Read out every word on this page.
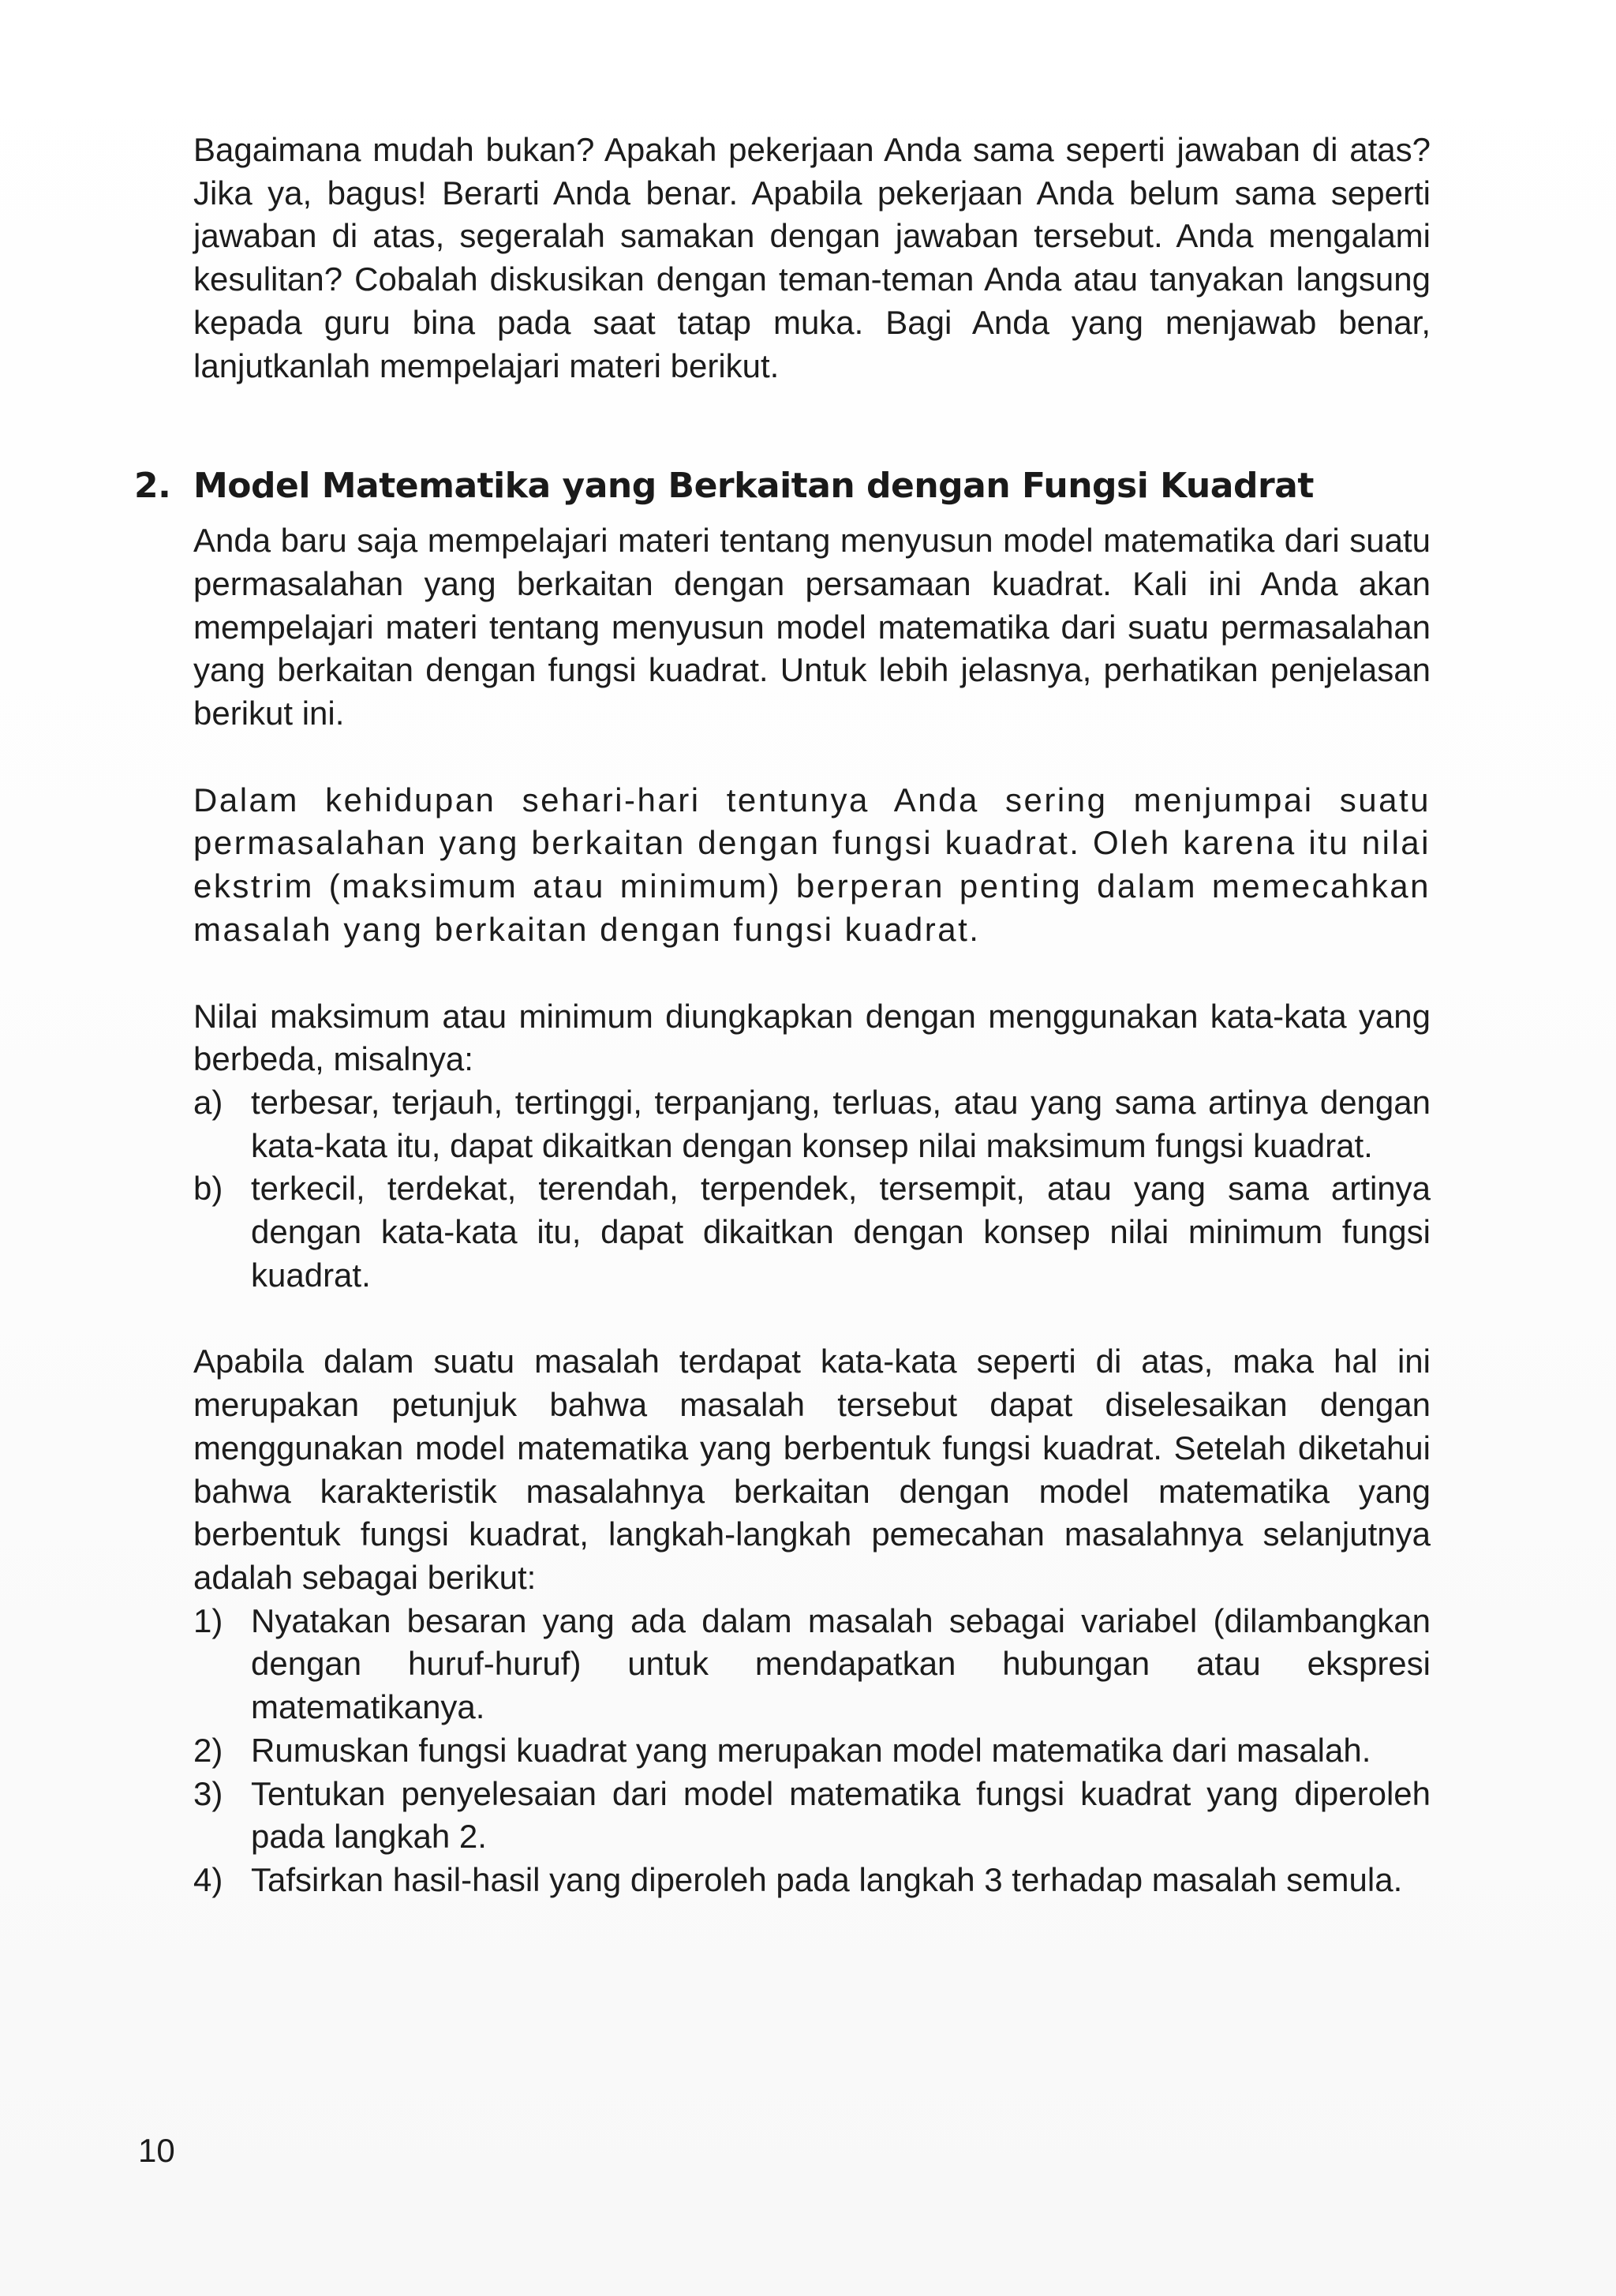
Bagaimana mudah bukan? Apakah pekerjaan Anda sama seperti jawaban di atas? Jika ya, bagus! Berarti Anda benar. Apabila pekerjaan Anda belum sama seperti jawaban di atas, segeralah samakan dengan jawaban tersebut. Anda mengalami kesulitan? Cobalah diskusikan dengan teman-teman Anda atau tanyakan langsung kepada guru bina pada saat tatap muka. Bagi Anda yang menjawab benar, lanjutkanlah mempelajari materi berikut.

2. Model Matematika yang Berkaitan dengan Fungsi Kuadrat

Anda baru saja mempelajari materi tentang menyusun model matematika dari suatu permasalahan yang berkaitan dengan persamaan kuadrat. Kali ini Anda akan mempelajari materi tentang menyusun model matematika dari suatu permasalahan yang berkaitan dengan fungsi kuadrat. Untuk lebih jelasnya, perhatikan penjelasan berikut ini.

Dalam kehidupan sehari-hari tentunya Anda sering menjumpai suatu permasalahan yang berkaitan dengan fungsi kuadrat. Oleh karena itu nilai ekstrim (maksimum atau minimum) berperan penting dalam memecahkan masalah yang berkaitan dengan fungsi kuadrat.

Nilai maksimum atau minimum diungkapkan dengan menggunakan kata-kata yang berbeda, misalnya:

a) terbesar, terjauh, tertinggi, terpanjang, terluas, atau yang sama artinya dengan kata-kata itu, dapat dikaitkan dengan konsep nilai maksimum fungsi kuadrat.
b) terkecil, terdekat, terendah, terpendek, tersempit, atau yang sama artinya dengan kata-kata itu, dapat dikaitkan dengan konsep nilai minimum fungsi kuadrat.

Apabila dalam suatu masalah terdapat kata-kata seperti di atas, maka hal ini merupakan petunjuk bahwa masalah tersebut dapat diselesaikan dengan menggunakan model matematika yang berbentuk fungsi kuadrat. Setelah diketahui bahwa karakteristik masalahnya berkaitan dengan model matematika yang berbentuk fungsi kuadrat, langkah-langkah pemecahan masalahnya selanjutnya adalah sebagai berikut:

1) Nyatakan besaran yang ada dalam masalah sebagai variabel (dilambangkan dengan huruf-huruf) untuk mendapatkan hubungan atau ekspresi matematikanya.
2) Rumuskan fungsi kuadrat yang merupakan model matematika dari masalah.
3) Tentukan penyelesaian dari model matematika fungsi kuadrat yang diperoleh pada langkah 2.
4) Tafsirkan hasil-hasil yang diperoleh pada langkah 3 terhadap masalah semula.
10
